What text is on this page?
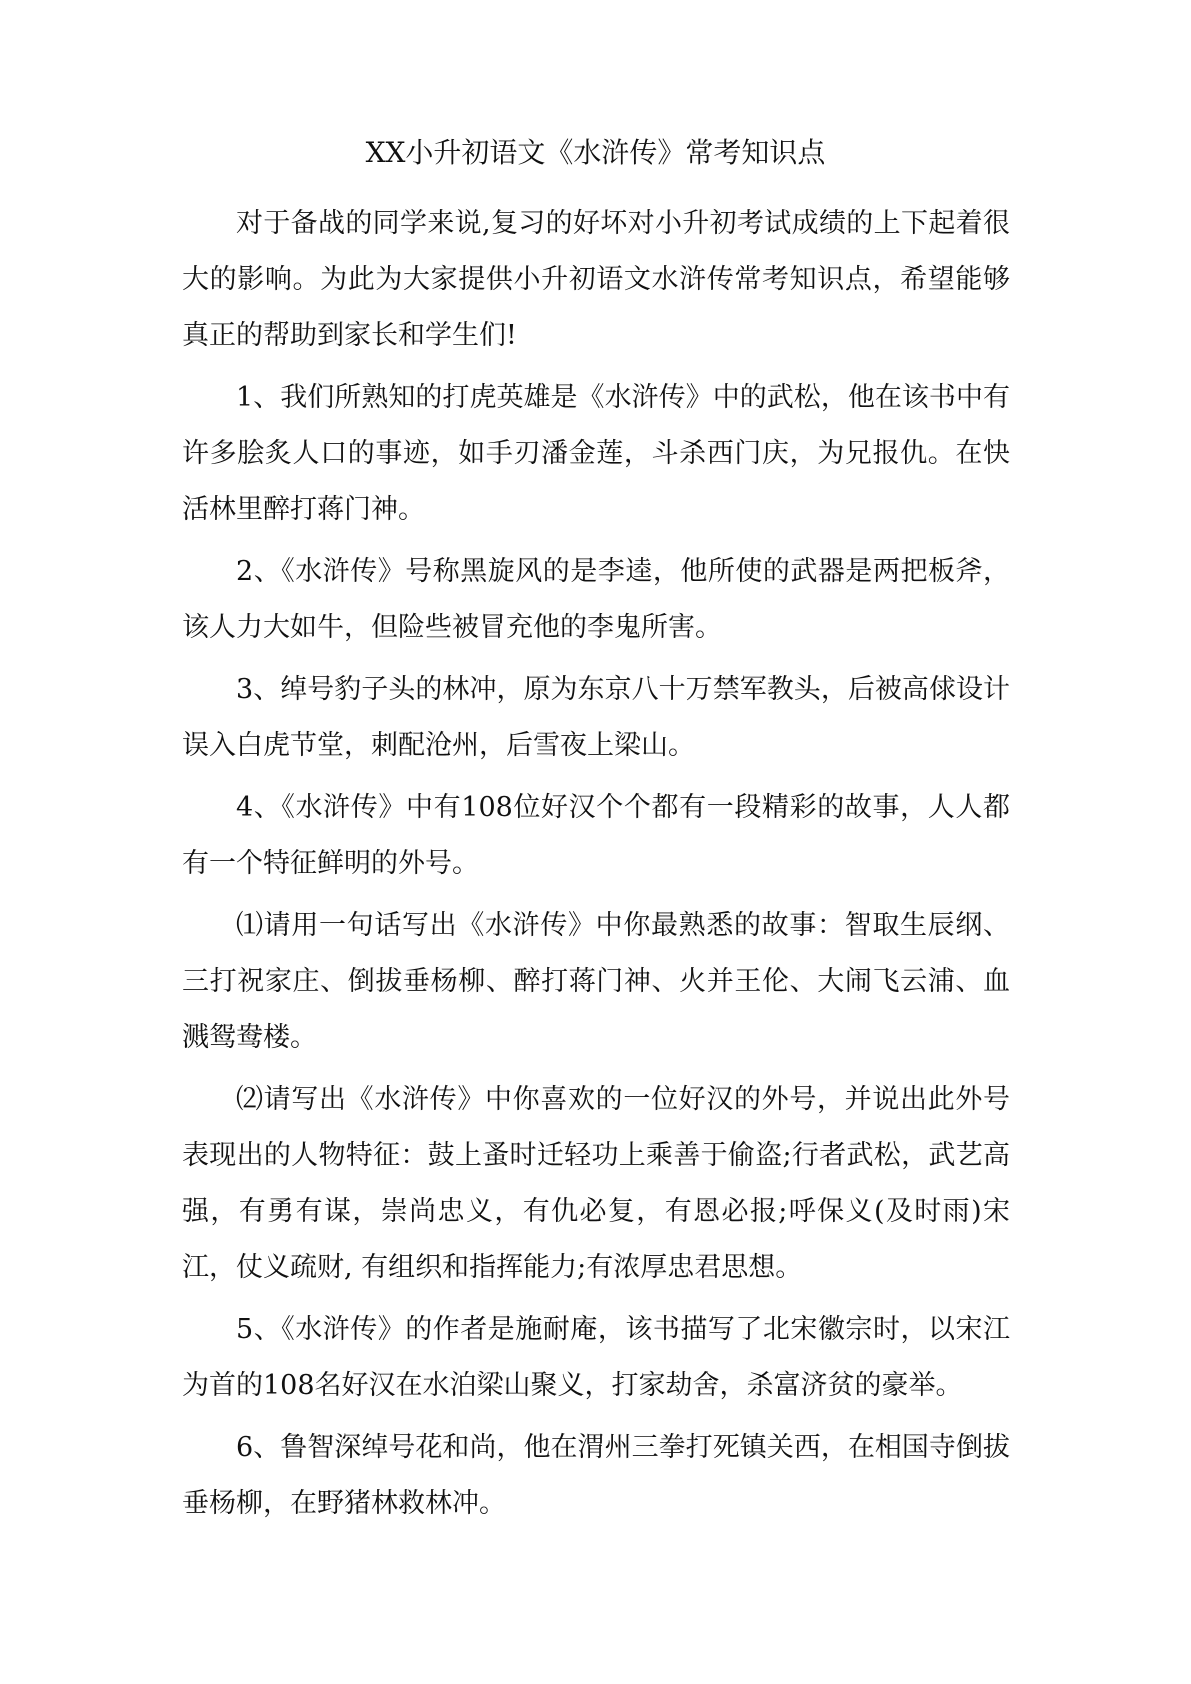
XX小升初语文《水浒传》常考知识点

对于备战的同学来说,复习的好坏对小升初考试成绩的上下起着很大的影响。为此为大家提供小升初语文水浒传常考知识点，希望能够真正的帮助到家长和学生们!

1、我们所熟知的打虎英雄是《水浒传》中的武松，他在该书中有许多脍炙人口的事迹，如手刃潘金莲，斗杀西门庆，为兄报仇。在快活林里醉打蒋门神。

2、《水浒传》号称黑旋风的是李逵，他所使的武器是两把板斧，该人力大如牛，但险些被冒充他的李鬼所害。

3、绰号豹子头的林冲，原为东京八十万禁军教头，后被高俅设计误入白虎节堂，刺配沧州，后雪夜上梁山。

4、《水浒传》中有108位好汉个个都有一段精彩的故事，人人都有一个特征鲜明的外号。

⑴请用一句话写出《水浒传》中你最熟悉的故事：智取生辰纲、三打祝家庄、倒拔垂杨柳、醉打蒋门神、火并王伦、大闹飞云浦、血溅鸳鸯楼。

⑵请写出《水浒传》中你喜欢的一位好汉的外号，并说出此外号表现出的人物特征：鼓上蚤时迁轻功上乘善于偷盗;行者武松，武艺高强，有勇有谋，崇尚忠义，有仇必复，有恩必报;呼保义(及时雨)宋江，仗义疏财, 有组织和指挥能力;有浓厚忠君思想。

5、《水浒传》的作者是施耐庵，该书描写了北宋徽宗时，以宋江为首的108名好汉在水泊梁山聚义，打家劫舍，杀富济贫的豪举。

6、鲁智深绰号花和尚，他在渭州三拳打死镇关西，在相国寺倒拔垂杨柳，在野猪林救林冲。
